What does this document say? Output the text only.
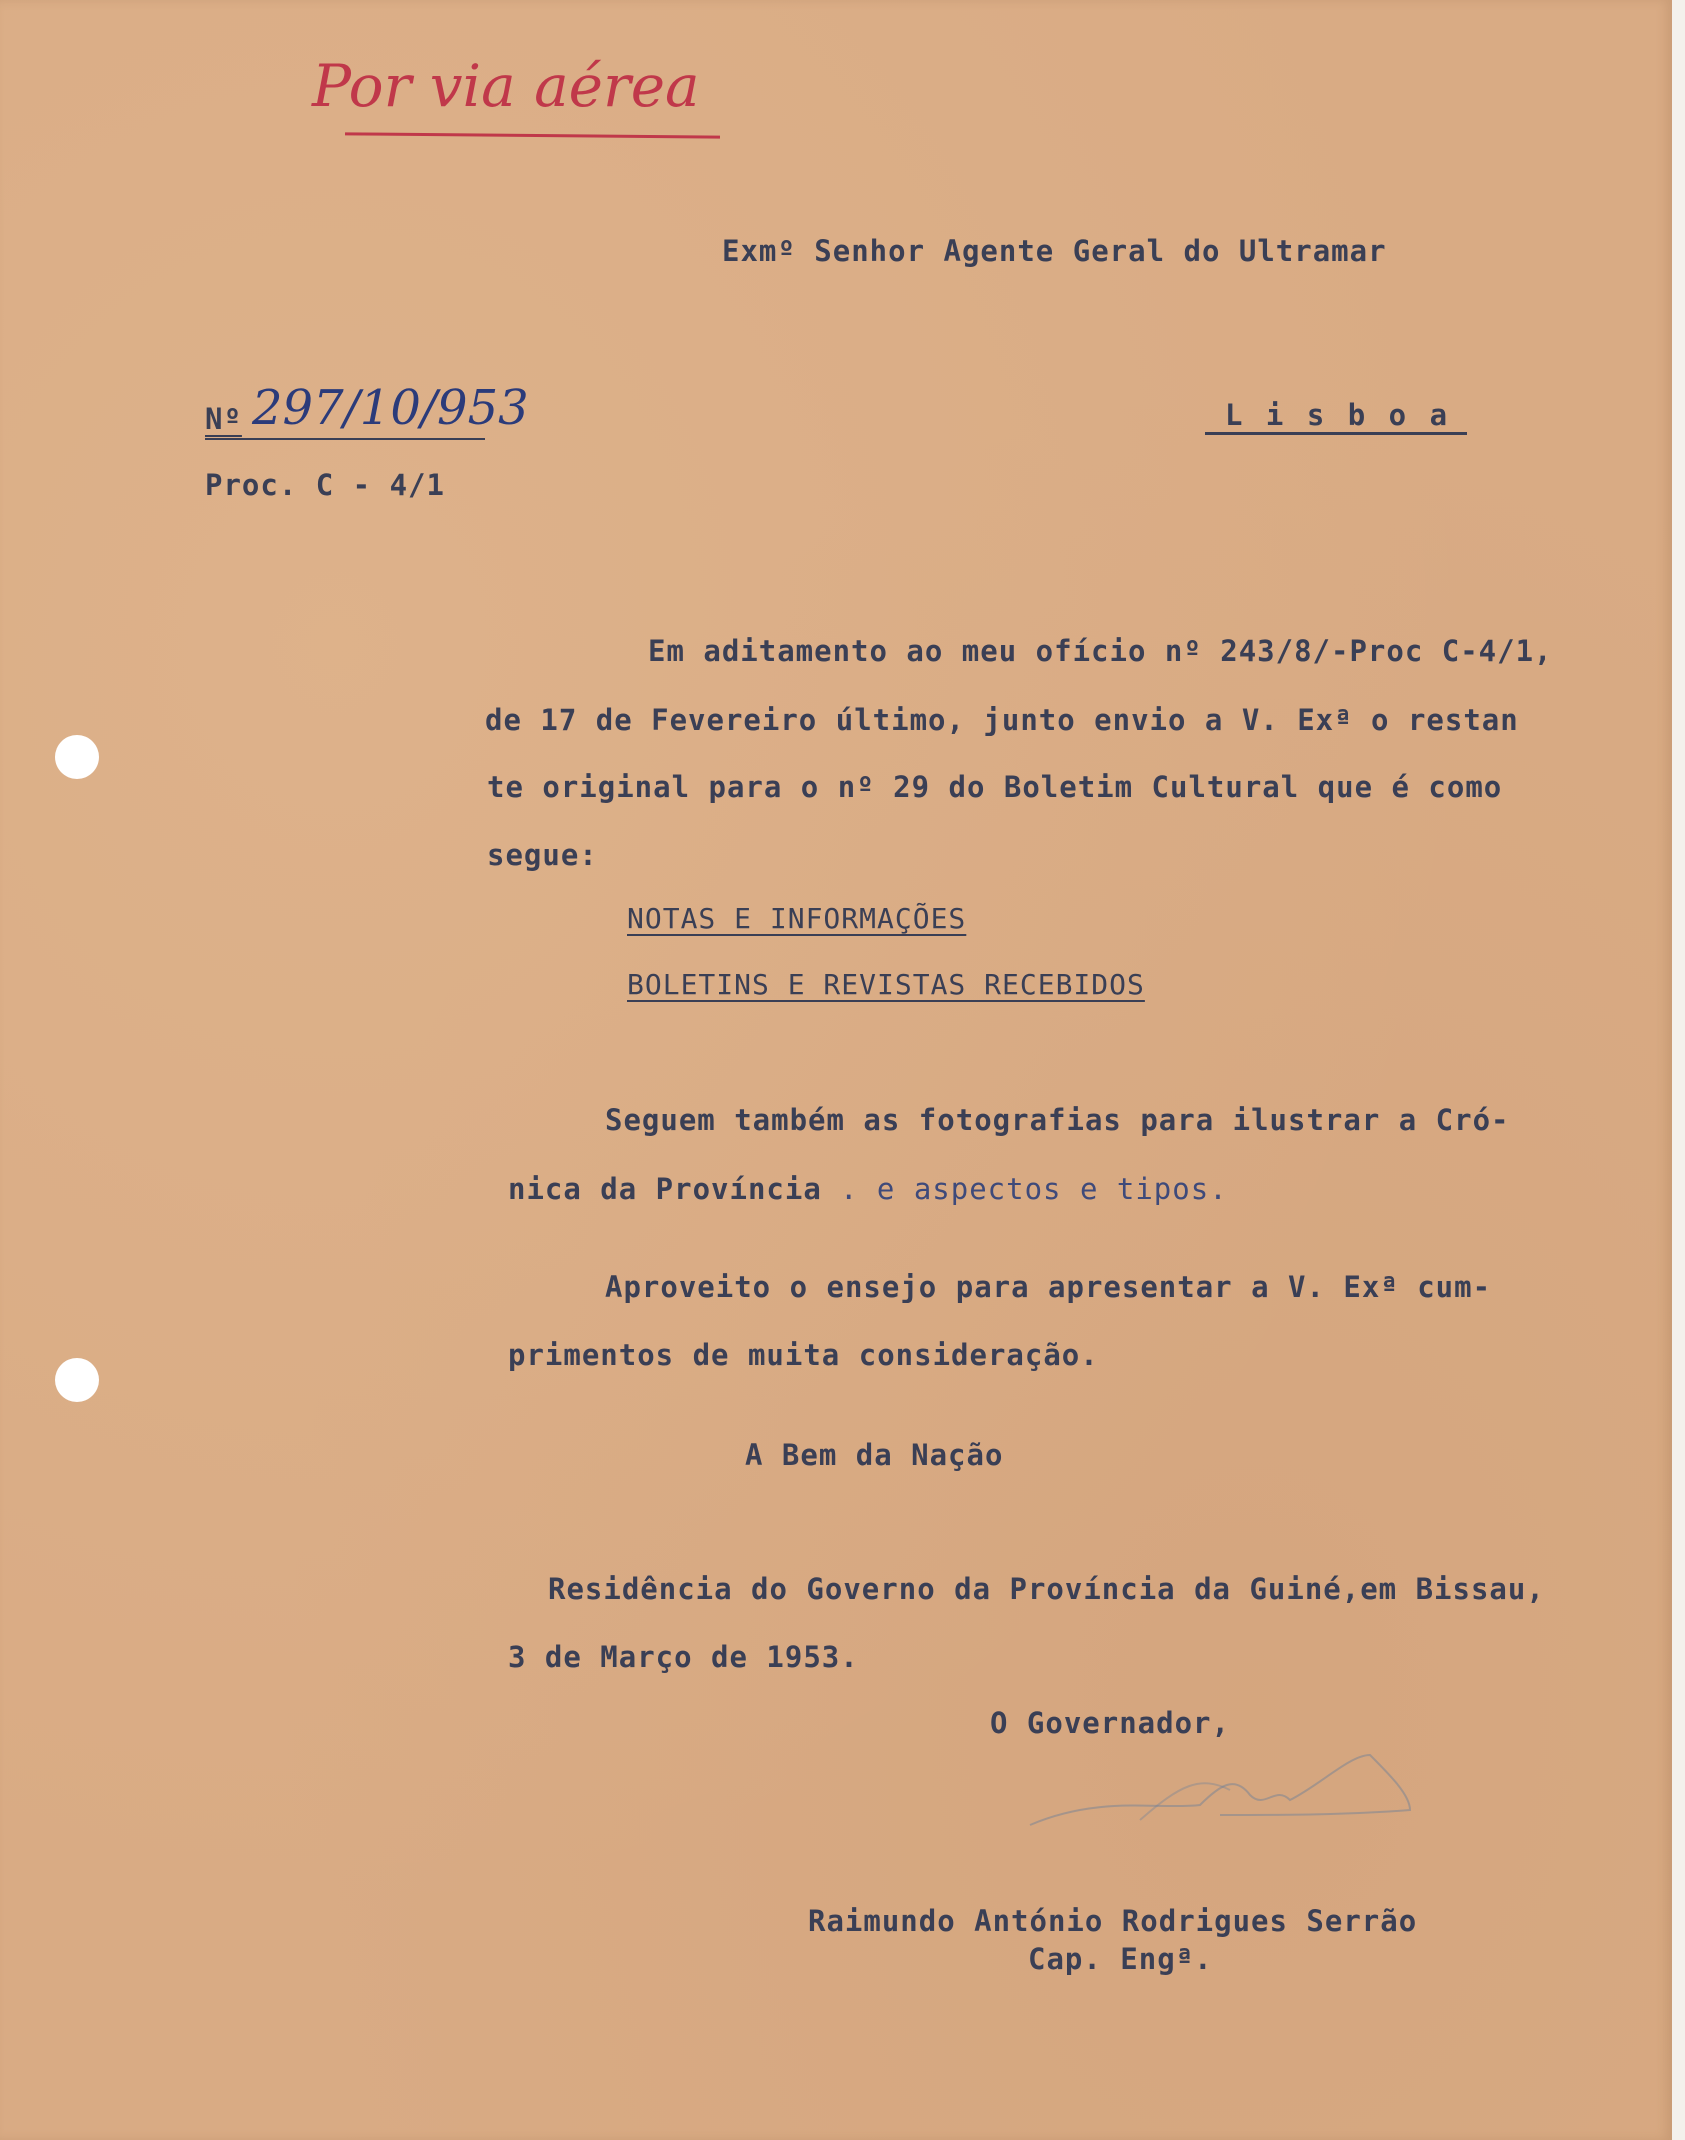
Por via aérea
Exmº Senhor Agente Geral do Ultramar
Nº 297/10/953	L i s b o a
Proc. C - 4/1
Em aditamento ao meu ofício nº 243/8/-Proc C-4/1,
de 17 de Fevereiro último, junto envio a V. Exª o restan
te original para o nº 29 do Boletim Cultural que é como
segue:
NOTAS E INFORMAÇÕES
BOLETINS E REVISTAS RECEBIDOS
Seguem também as fotografias para ilustrar a Cró-
nica da Província . e aspectos e tipos.
Aproveito o ensejo para apresentar a V. Exª cum-
primentos de muita consideração.
A Bem da Nação
Residência do Governo da Província da Guiné,em Bissau,
3 de Março de 1953.
O Governador,
Raimundo António Rodrigues Serrão
Cap. Engª.
